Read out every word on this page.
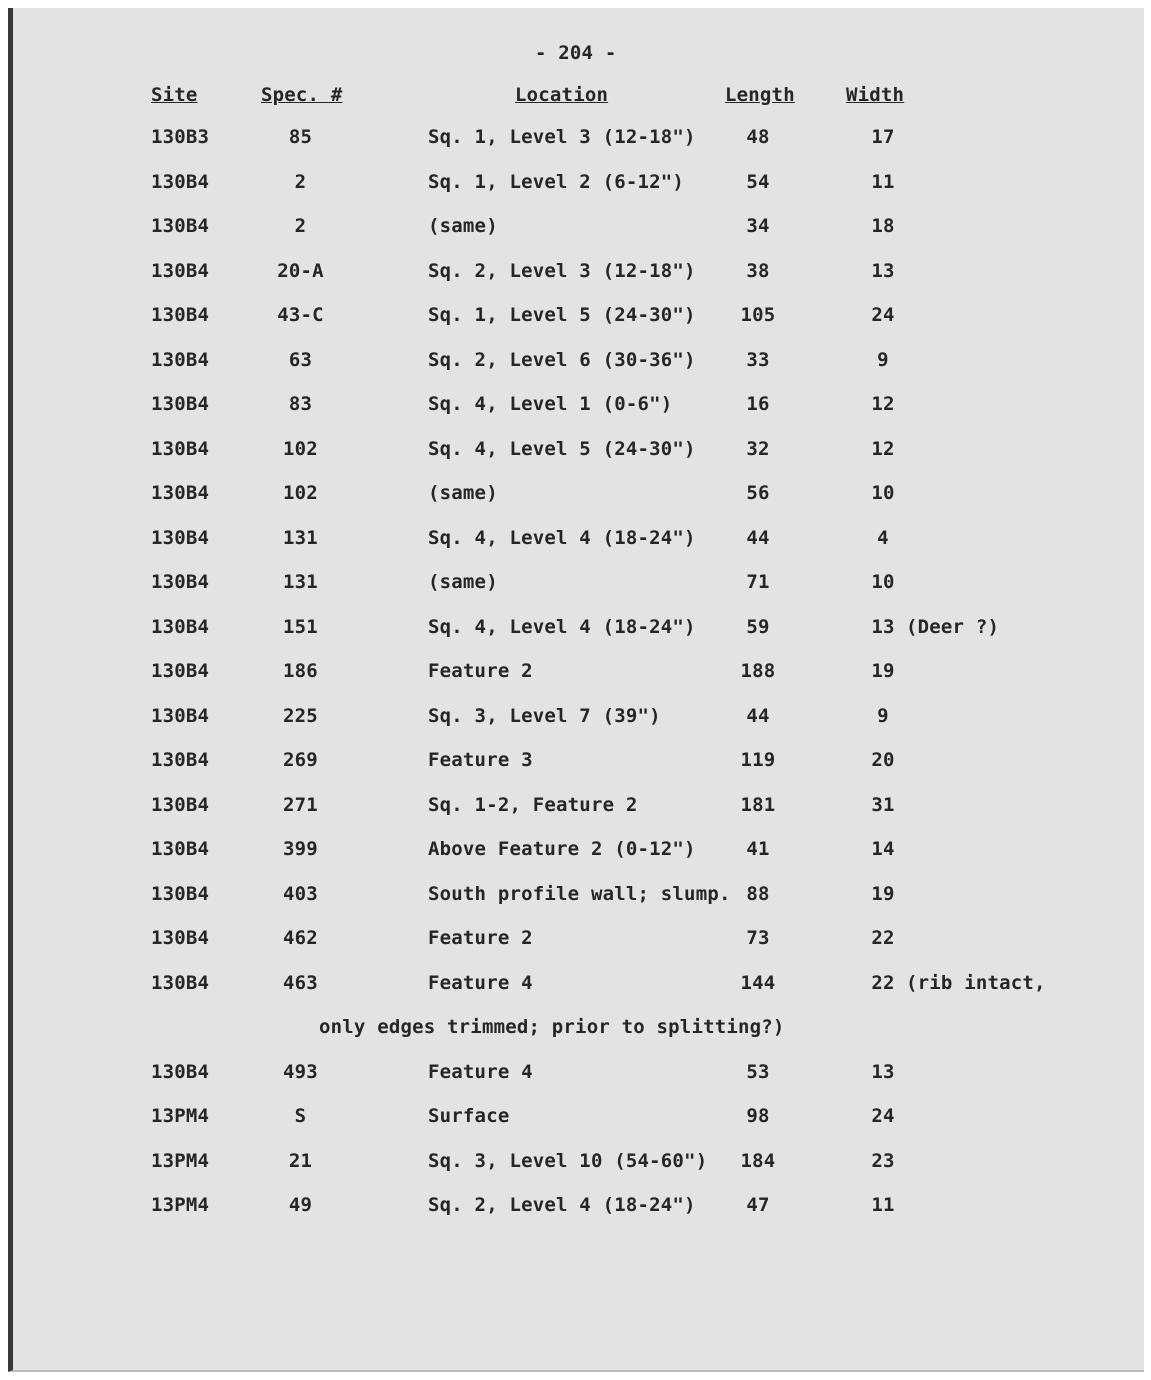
- 204 -
Site	Spec. #	Location	Length	Width
130B3	85	Sq. 1, Level 3 (12-18")	48	17
130B4	2	Sq. 1, Level 2 (6-12")	54	11
130B4	2	(same)	34	18
130B4	20-A	Sq. 2, Level 3 (12-18")	38	13
130B4	43-C	Sq. 1, Level 5 (24-30")	105	24
130B4	63	Sq. 2, Level 6 (30-36")	33	9
130B4	83	Sq. 4, Level 1 (0-6")	16	12
130B4	102	Sq. 4, Level 5 (24-30")	32	12
130B4	102	(same)	56	10
130B4	131	Sq. 4, Level 4 (18-24")	44	4
130B4	131	(same)	71	10
130B4	151	Sq. 4, Level 4 (18-24")	59	13 (Deer ?)
130B4	186	Feature 2	188	19
130B4	225	Sq. 3, Level 7 (39")	44	9
130B4	269	Feature 3	119	20
130B4	271	Sq. 1-2, Feature 2	181	31
130B4	399	Above Feature 2 (0-12")	41	14
130B4	403	South profile wall; slump. 88	19
130B4	462	Feature 2	73	22
130B4	463	Feature 4	144	22 (rib intact,
only edges trimmed; prior to splitting?)
130B4	493	Feature 4	53	13
13PM4	S	Surface	98	24
13PM4	21	Sq. 3, Level 10 (54-60")	184	23
13PM4	49	Sq. 2, Level 4 (18-24")	47	11
